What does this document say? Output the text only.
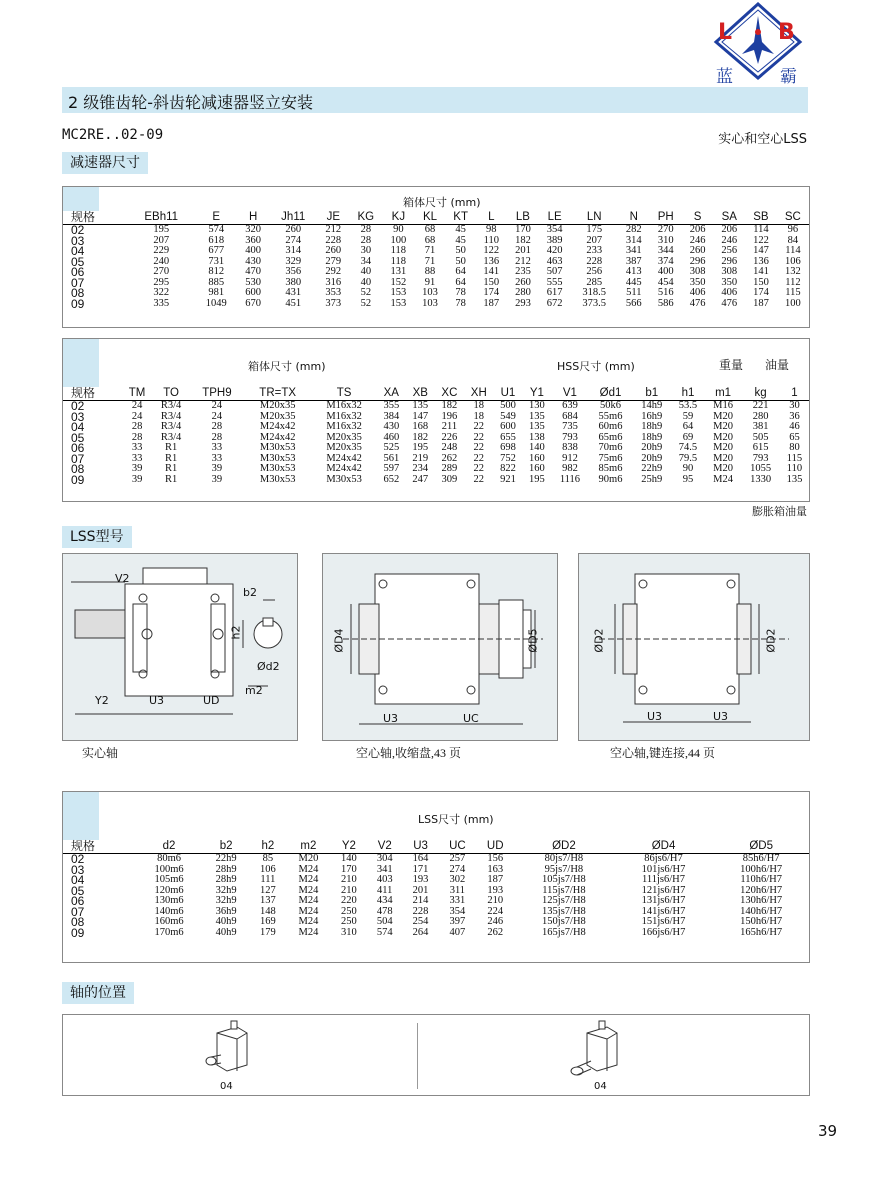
L B
蓝	霸
2 级锥齿轮-斜齿轮减速器竖立安装
MC2RE..02-09	实心和空心LSS
减速器尺寸
箱体尺寸 (mm)
规格	EBh11	E	H	Jh11	JE	KG	KJ	KL	KT	L	LB	LE	LN	N	PH	S	SA	SB	SC
02	195	574	320	260	212	28	90	68	45	98	170	354	175	282	270	206	206	114	96
03	207	618	360	274	228	28	100	68	45	110	182	389	207	314	310	246	246	122	84
04	229	677	400	314	260	30	118	71	50	122	201	420	233	341	344	260	256	147	114
05	240	731	430	329	279	34	118	71	50	136	212	463	228	387	374	296	296	136	106
06	270	812	470	356	292	40	131	88	64	141	235	507	256	413	400	308	308	141	132
07	295	885	530	380	316	40	152	91	64	150	260	555	285	445	454	350	350	150	112
08	322	981	600	431	353	52	153	103	78	174	280	617	318.5	511	516	406	406	174	115
09	335	1049	670	451	373	52	153	103	78	187	293	672	373.5	566	586	476	476	187	100
箱体尺寸 (mm)	HSS尺寸 (mm)	重量 油量
规格	TM	TO	TPH9	TR=TX	TS	XA	XB	XC	XH	U1	Y1	V1	Ød1	b1	h1	m1	kg	1
02	24	R3/4	24	M20x35	M16x32	355	135	182	18	500	130	639	50k6	14h9	53.5	M16	221	30
03	24	R3/4	24	M20x35	M16x32	384	147	196	18	549	135	684	55m6	16h9	59	M20	280	36
04	28	R3/4	28	M24x42	M16x32	430	168	211	22	600	135	735	60m6	18h9	64	M20	381	46
05	28	R3/4	28	M24x42	M20x35	460	182	226	22	655	138	793	65m6	18h9	69	M20	505	65
06	33	R1	33	M30x53	M20x35	525	195	248	22	698	140	838	70m6	20h9	74.5	M20	615	80
07	33	R1	33	M30x53	M24x42	561	219	262	22	752	160	912	75m6	20h9	79.5	M20	793	115
08	39	R1	39	M30x53	M24x42	597	234	289	22	822	160	982	85m6	22h9	90	M20	1055	110
09	39	R1	39	M30x53	M30x53	652	247	309	22	921	195	1116	90m6	25h9	95	M24	1330	135
膨胀箱油量
LSS型号
V2
b2
h2
Ød2
m2
Y2	U3	UD
ØD4	ØD5
U3	UC
ØD2	ØD2
U3	U3
实心轴	空心轴,收缩盘,43 页	空心轴,键连接,44 页
LSS尺寸 (mm)
规格	d2	b2	h2	m2	Y2	V2	U3	UC	UD	ØD2	ØD4	ØD5
02	80m6	22h9	85	M20	140	304	164	257	156	80js7/H8	86js6/H7	85h6/H7
03	100m6	28h9	106	M24	170	341	171	274	163	95js7/H8	101js6/H7	100h6/H7
04	105m6	28h9	111	M24	210	403	193	302	187	105js7/H8	111js6/H7	110h6/H7
05	120m6	32h9	127	M24	210	411	201	311	193	115js7/H8	121js6/H7	120h6/H7
06	130m6	32h9	137	M24	220	434	214	331	210	125js7/H8	131js6/H7	130h6/H7
07	140m6	36h9	148	M24	250	478	228	354	224	135js7/H8	141js6/H7	140h6/H7
08	160m6	40h9	169	M24	250	504	254	397	246	150js7/H8	151js6/H7	150h6/H7
09	170m6	40h9	179	M24	310	574	264	407	262	165js7/H8	166js6/H7	165h6/H7
轴的位置
04	04
39
